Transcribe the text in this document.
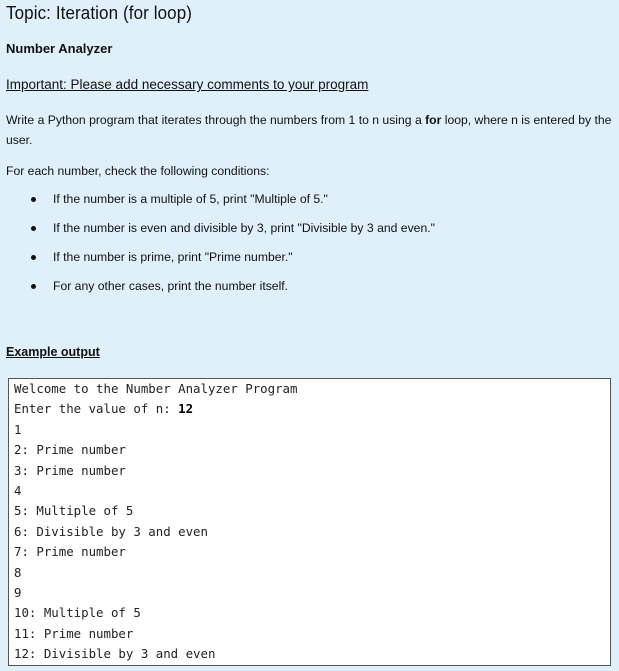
Topic: Iteration (for loop)
Number Analyzer
Important: Please add necessary comments to your program
Write a Python program that iterates through the numbers from 1 to n using a for loop, where n is entered by the user.
For each number, check the following conditions:
If the number is a multiple of 5, print "Multiple of 5."
If the number is even and divisible by 3, print "Divisible by 3 and even."
If the number is prime, print "Prime number."
For any other cases, print the number itself.
Example output
Welcome to the Number Analyzer Program
Enter the value of n: 12
1
2: Prime number
3: Prime number
4
5: Multiple of 5
6: Divisible by 3 and even
7: Prime number
8
9
10: Multiple of 5
11: Prime number
12: Divisible by 3 and even
